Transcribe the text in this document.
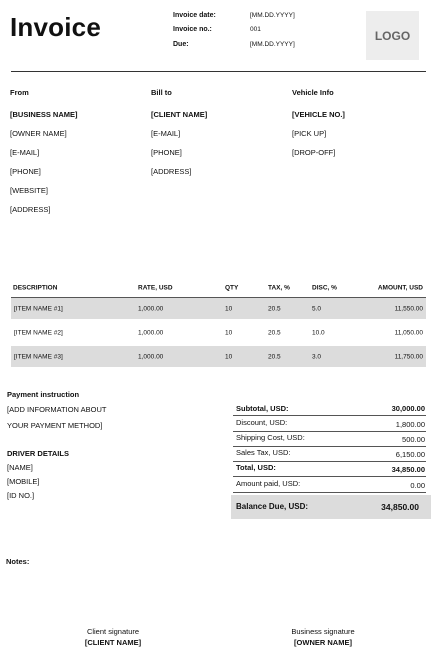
Invoice	Invoice date:	[MM.DD.YYYY]
Invoice no.:	001
Due:	[MM.DD.YYYY]
LOGO
From
[BUSINESS NAME]
[OWNER NAME]
[E-MAIL]
[PHONE]
[WEBSITE]
[ADDRESS]
Bill to
[CLIENT NAME]
[E-MAIL]
[PHONE]
[ADDRESS]
Vehicle Info
[VEHICLE NO.]
[PICK UP]
[DROP-OFF]
DESCRIPTION	RATE, USD	QTY	TAX, %	DISC, %	AMOUNT, USD
[ITEM NAME #1]	1,000.00	10	20.5	5.0	11,550.00
[ITEM NAME #2]	1,000.00	10	20.5	10.0	11,050.00
[ITEM NAME #3]	1,000.00	10	20.5	3.0	11,750.00
Payment instruction
[ADD INFORMATION ABOUT
YOUR PAYMENT METHOD]
DRIVER DETAILS
[NAME]
[MOBILE]
[ID NO.]
Subtotal, USD:	30,000.00
Discount, USD:	1,800.00
Shipping Cost, USD:	500.00
Sales Tax, USD:	6,150.00
Total, USD:	34,850.00
Amount paid, USD:	0.00
Balance Due, USD:	34,850.00
Notes:
Client signature
[CLIENT NAME]
Business signature
[OWNER NAME]
